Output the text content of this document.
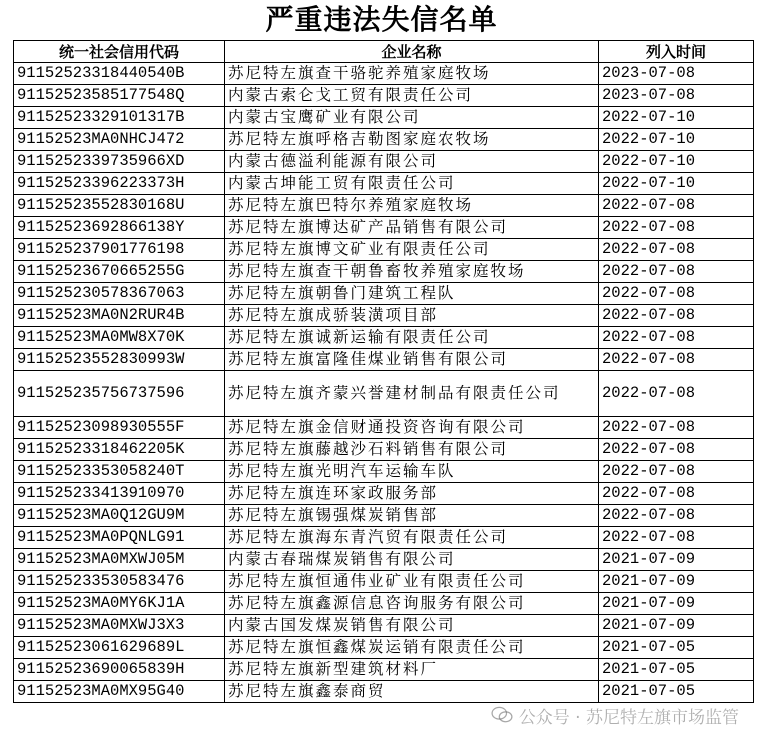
严重违法失信名单
统一社会信用代码	企业名称	列入时间
91152523318440540B	苏尼特左旗查干骆驼养殖家庭牧场	2023-07-08
91152523585177548Q	内蒙古索仑戈工贸有限责任公司	2023-07-08
91152523329101317B	内蒙古宝鹰矿业有限公司	2022-07-10
91152523MA0NHCJ472	苏尼特左旗呼格吉勒图家庭农牧场	2022-07-10
9115252339735966XD	内蒙古德溢利能源有限公司	2022-07-10
91152523396223373H	内蒙古坤能工贸有限责任公司	2022-07-10
91152523552830168U	苏尼特左旗巴特尔养殖家庭牧场	2022-07-08
91152523692866138Y	苏尼特左旗博达矿产品销售有限公司	2022-07-08
911525237901776198	苏尼特左旗博文矿业有限责任公司	2022-07-08
91152523670665255G	苏尼特左旗查干朝鲁畜牧养殖家庭牧场	2022-07-08
911525230578367063	苏尼特左旗朝鲁门建筑工程队	2022-07-08
91152523MA0N2RUR4B	苏尼特左旗成骄装潢项目部	2022-07-08
91152523MA0MW8X70K	苏尼特左旗诚新运输有限责任公司	2022-07-08
91152523552830993W	苏尼特左旗富隆佳煤业销售有限公司	2022-07-08
911525235756737596	苏尼特左旗齐蒙兴誉建材制品有限责任公司	2022-07-08
91152523098930555F	苏尼特左旗金信财通投资咨询有限公司	2022-07-08
91152523318462205K	苏尼特左旗藤越沙石料销售有限公司	2022-07-08
91152523353058240T	苏尼特左旗光明汽车运输车队	2022-07-08
911525233413910970	苏尼特左旗连环家政服务部	2022-07-08
91152523MA0Q12GU9M	苏尼特左旗锡强煤炭销售部	2022-07-08
91152523MA0PQNLG91	苏尼特左旗海东青汽贸有限责任公司	2022-07-08
91152523MA0MXWJ05M	内蒙古春瑞煤炭销售有限公司	2021-07-09
911525233530583476	苏尼特左旗恒通伟业矿业有限责任公司	2021-07-09
91152523MA0MY6KJ1A	苏尼特左旗鑫源信息咨询服务有限公司	2021-07-09
91152523MA0MXWJ3X3	内蒙古国发煤炭销售有限公司	2021-07-09
91152523061629689L	苏尼特左旗恒鑫煤炭运销有限责任公司	2021-07-05
91152523690065839H	苏尼特左旗新型建筑材料厂	2021-07-05
91152523MA0MX95G40	苏尼特左旗鑫泰商贸	2021-07-05
公众号 · 苏尼特左旗市场监管
